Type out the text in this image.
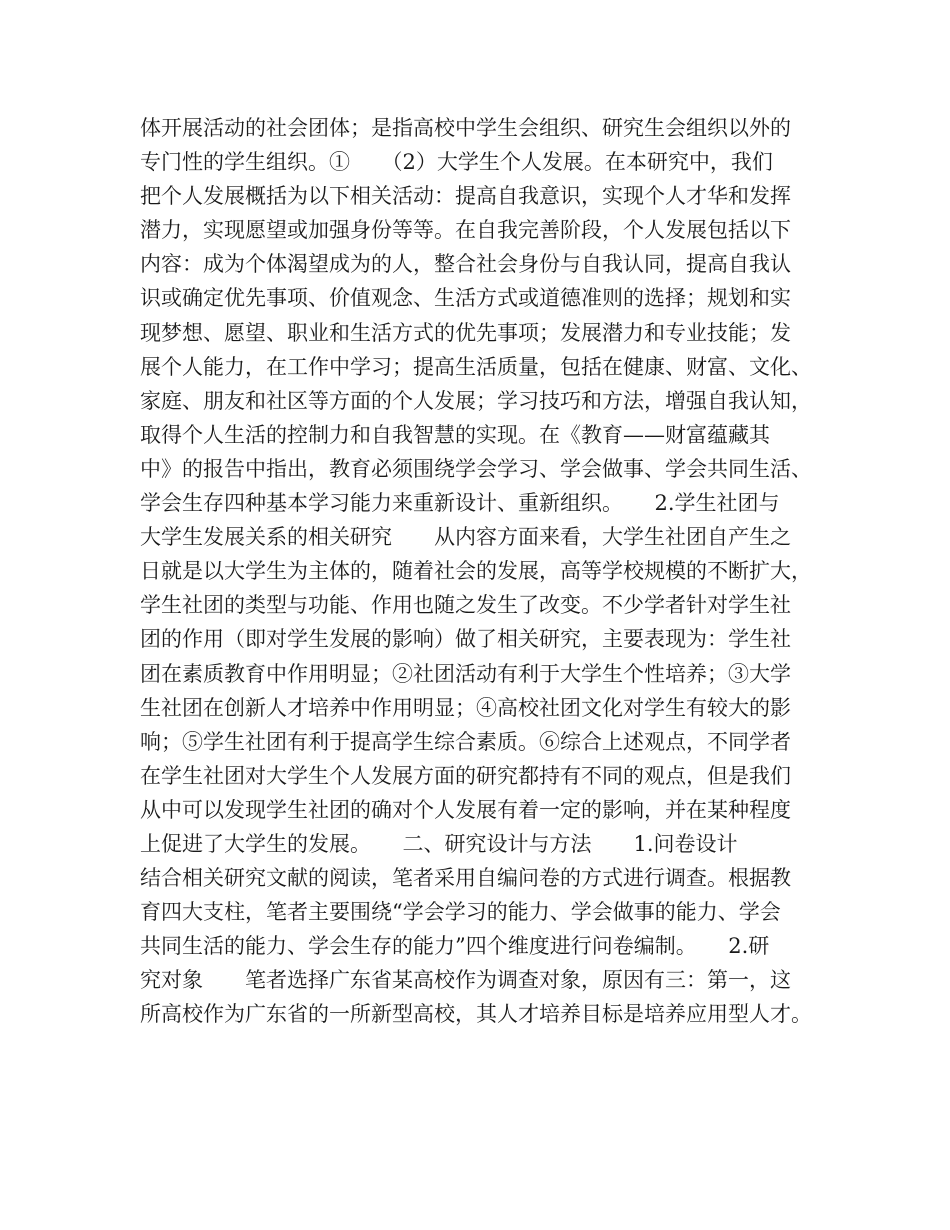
体开展活动的社会团体；是指高校中学生会组织、研究生会组织以外的
专门性的学生组织。①　　（2）大学生个人发展。在本研究中，我们
把个人发展概括为以下相关活动：提高自我意识，实现个人才华和发挥
潜力，实现愿望或加强身份等等。在自我完善阶段，个人发展包括以下
内容：成为个体渴望成为的人，整合社会身份与自我认同，提高自我认
识或确定优先事项、价值观念、生活方式或道德准则的选择；规划和实
现梦想、愿望、职业和生活方式的优先事项；发展潜力和专业技能；发
展个人能力，在工作中学习；提高生活质量，包括在健康、财富、文化、
家庭、朋友和社区等方面的个人发展；学习技巧和方法，增强自我认知，
取得个人生活的控制力和自我智慧的实现。在《教育——财富蕴藏其
中》的报告中指出，教育必须围绕学会学习、学会做事、学会共同生活、
学会生存四种基本学习能力来重新设计、重新组织。　　2.学生社团与
大学生发展关系的相关研究　　从内容方面来看，大学生社团自产生之
日就是以大学生为主体的，随着社会的发展，高等学校规模的不断扩大，
学生社团的类型与功能、作用也随之发生了改变。不少学者针对学生社
团的作用（即对学生发展的影响）做了相关研究，主要表现为：学生社
团在素质教育中作用明显；②社团活动有利于大学生个性培养；③大学
生社团在创新人才培养中作用明显；④高校社团文化对学生有较大的影
响；⑤学生社团有利于提高学生综合素质。⑥综合上述观点，不同学者
在学生社团对大学生个人发展方面的研究都持有不同的观点，但是我们
从中可以发现学生社团的确对个人发展有着一定的影响，并在某种程度
上促进了大学生的发展。　　二、研究设计与方法　　1.问卷设计　　
结合相关研究文献的阅读，笔者采用自编问卷的方式进行调查。根据教
育四大支柱，笔者主要围绕“学会学习的能力、学会做事的能力、学会
共同生活的能力、学会生存的能力”四个维度进行问卷编制。　　2.研
究对象　　笔者选择广东省某高校作为调查对象，原因有三：第一，这
所高校作为广东省的一所新型高校，其人才培养目标是培养应用型人才。
